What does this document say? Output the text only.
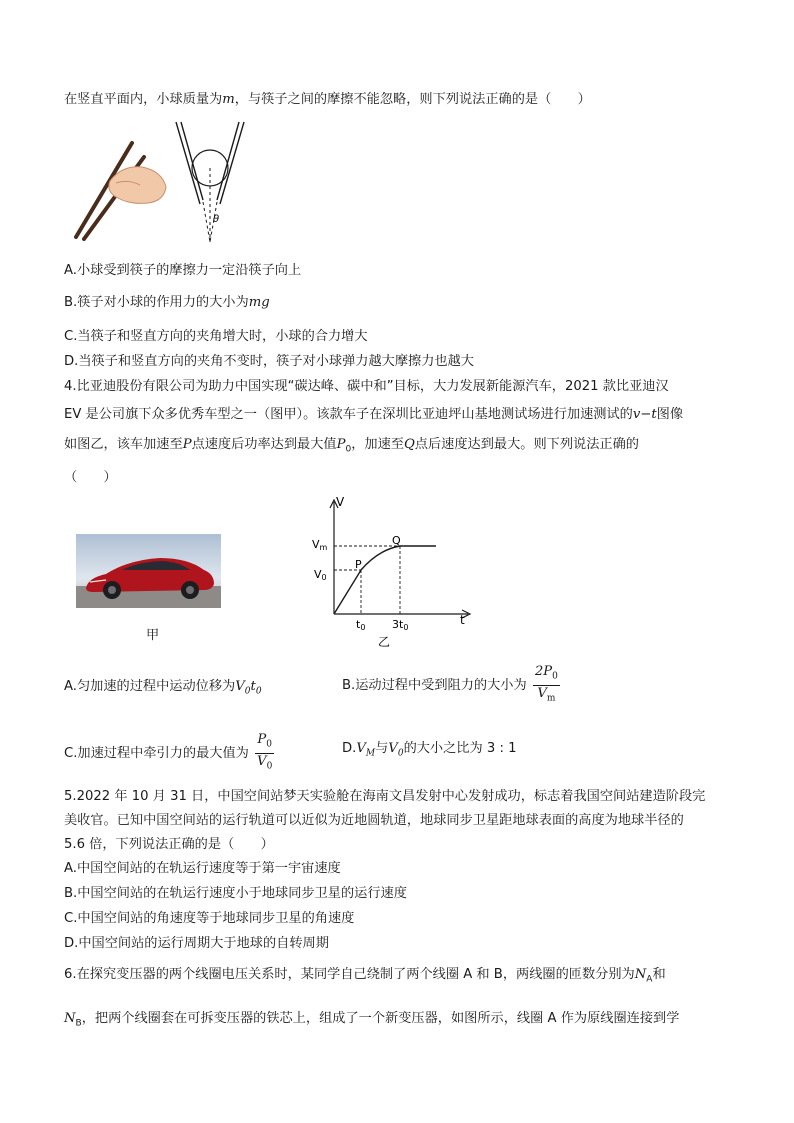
在竖直平面内，小球质量为m，与筷子之间的摩擦不能忽略，则下列说法正确的是（　　）
θ
A.小球受到筷子的摩擦力一定沿筷子向上
B.筷子对小球的作用力的大小为mg
C.当筷子和竖直方向的夹角增大时，小球的合力增大
D.当筷子和竖直方向的夹角不变时，筷子对小球弹力越大摩擦力也越大
4.比亚迪股份有限公司为助力中国实现“碳达峰、碳中和”目标，大力发展新能源汽车，2021 款比亚迪汉
EV 是公司旗下众多优秀车型之一（图甲）。该款车子在深圳比亚迪坪山基地测试场进行加速测试的v−t图像
如图乙，该车加速至P点速度后功率达到最大值$P_0$，加速至Q点后速度达到最大。则下列说法正确的
（　　）
甲
V
t
Vm
V0
P
Q
t0 3t0
乙
A.匀加速的过程中运动位移为$V_0t_0$	B.运动过程中受到阻力的大小为 $\frac{2P_0}{V_m}$
C.加速过程中牵引力的最大值为 $\frac{P_0}{V_0}$	$D.V_M$与$V_0$的大小之比为 3 : 1
5.2022 年 10 月 31 日，中国空间站梦天实验舱在海南文昌发射中心发射成功，标志着我国空间站建造阶段完
美收官。已知中国空间站的运行轨道可以近似为近地圆轨道，地球同步卫星距地球表面的高度为地球半径的
5.6 倍，下列说法正确的是（　　）
A.中国空间站的在轨运行速度等于第一宇宙速度
B.中国空间站的在轨运行速度小于地球同步卫星的运行速度
C.中国空间站的角速度等于地球同步卫星的角速度
D.中国空间站的运行周期大于地球的自转周期
6.在探究变压器的两个线圈电压关系时，某同学自己绕制了两个线圈 A 和 B，两线圈的匝数分别为$N_A$和
$N_B$，把两个线圈套在可拆变压器的铁芯上，组成了一个新变压器，如图所示，线圈 A 作为原线圈连接到学
